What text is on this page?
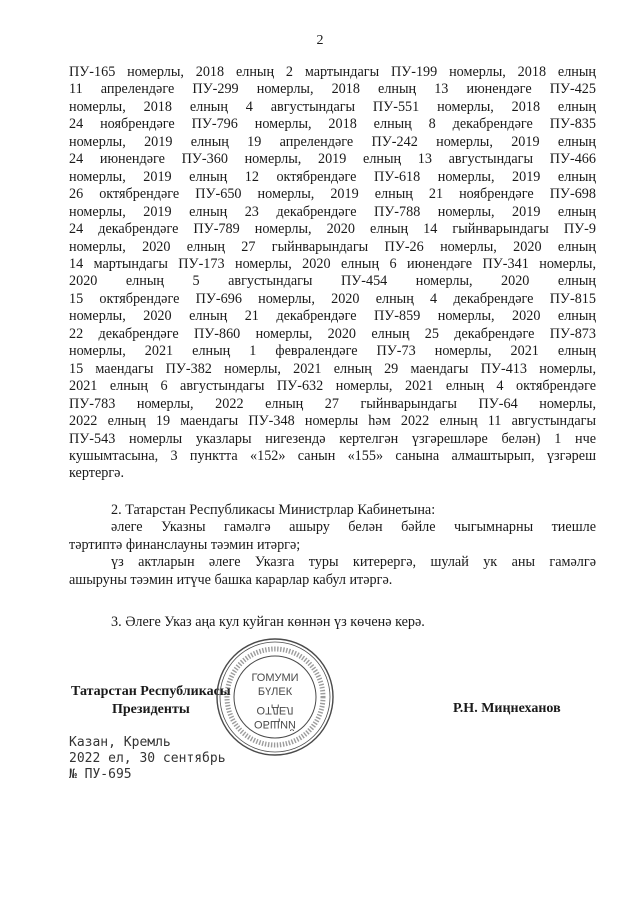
2
ПУ-165 номерлы, 2018 елның 2 мартындагы ПУ-199 номерлы, 2018 елның
11 апрелендәге ПУ-299 номерлы, 2018 елның 13 июнендәге ПУ-425
номерлы, 2018 елның 4 августындагы ПУ-551 номерлы, 2018 елның
24 ноябрендәге ПУ-796 номерлы, 2018 елның 8 декабрендәге ПУ-835
номерлы, 2019 елның 19 апрелендәге ПУ-242 номерлы, 2019 елның
24 июнендәге ПУ-360 номерлы, 2019 елның 13 августындагы ПУ-466
номерлы, 2019 елның 12 октябрендәге ПУ-618 номерлы, 2019 елның
26 октябрендәге ПУ-650 номерлы, 2019 елның 21 ноябрендәге ПУ-698
номерлы, 2019 елның 23 декабрендәге ПУ-788 номерлы, 2019 елның
24 декабрендәге ПУ-789 номерлы, 2020 елның 14 гыйнварындагы ПУ-9
номерлы, 2020 елның 27 гыйнварындагы ПУ-26 номерлы, 2020 елның
14 мартындагы ПУ-173 номерлы, 2020 елның 6 июнендәге ПУ-341 номерлы,
2020 елның 5 августындагы ПУ-454 номерлы, 2020 елның
15 октябрендәге ПУ-696 номерлы, 2020 елның 4 декабрендәге ПУ-815
номерлы, 2020 елның 21 декабрендәге ПУ-859 номерлы, 2020 елның
22 декабрендәге ПУ-860 номерлы, 2020 елның 25 декабрендәге ПУ-873
номерлы, 2021 елның 1 февралендәге ПУ-73 номерлы, 2021 елның
15 маендагы ПУ-382 номерлы, 2021 елның 29 маендагы ПУ-413 номерлы,
2021 елның 6 августындагы ПУ-632 номерлы, 2021 елның 4 октябрендәге
ПУ-783 номерлы, 2022 елның 27 гыйнварындагы ПУ-64 номерлы,
2022 елның 19 маендагы ПУ-348 номерлы һәм 2022 елның 11 августындагы
ПУ-543 номерлы указлары нигезендә кертелгән үзгәрешләре белән) 1 нче
кушымтасына, 3 пунктта «152» санын «155» санына алмаштырып, үзгәреш
кертергә.
2. Татарстан Республикасы Министрлар Кабинетына:
әлеге Указны гамәлгә ашыру белән бәйле чыгымнарны тиешле
тәртиптә финанслауны тәэмин итәргә;
үз актларын әлеге Указга туры китерергә, шулай ук аны гамәлгә
ашыруны тәэмин итүче башка карарлар кабул итәргә.
3. Әлеге Указ аңа кул куйган көннән үз көченә керә.
Татарстан Республикасы
Президенты
ГОМУМИ
БҮЛЕК
ОТДЕЛ
ОБЩИЙ
Р.Н. Миңнеханов
Казан, Кремль
2022 ел, 30 сентябрь
№ ПУ-695
